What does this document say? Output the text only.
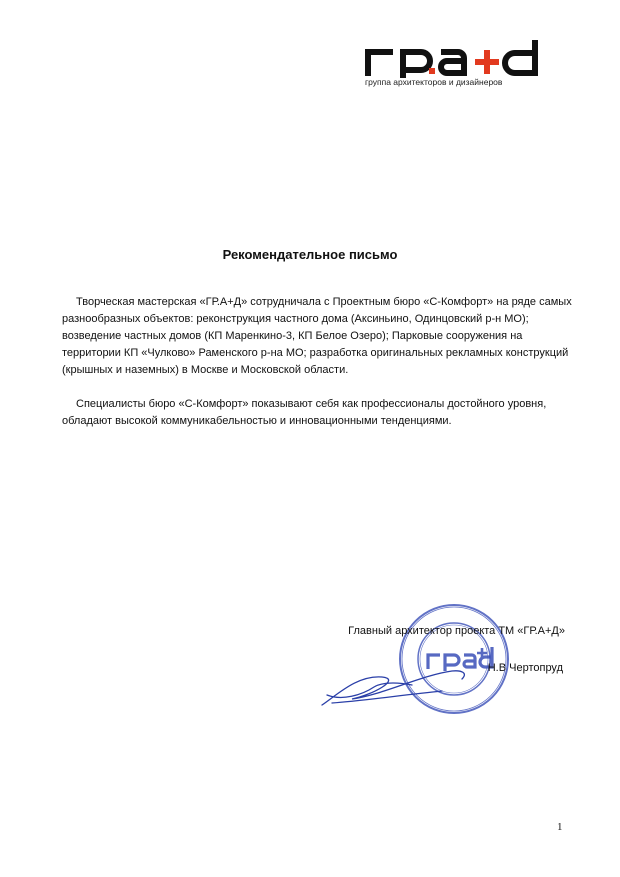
группа архитекторов и дизайнеров
Рекомендательное письмо

Творческая мастерская «ГР.А+Д» сотрудничала с Проектным бюро «С-Комфорт» на ряде самых разнообразных объектов: реконструкция частного дома (Аксиньино, Одинцовский р-н МО); возведение частных домов (КП Маренкино-3, КП Белое Озеро); Парковые сооружения на территории КП «Чулково» Раменского р-на МО; разработка оригинальных рекламных конструкций (крышных и наземных) в Москве и Московской области.

Специалисты бюро «С-Комфорт» показывают себя как профессионалы достойного уровня, обладают высокой коммуникабельностью и инновационными тенденциями.

Главный архитектор проекта ТМ «ГР.А+Д»
Н.В Чертопруд
1
